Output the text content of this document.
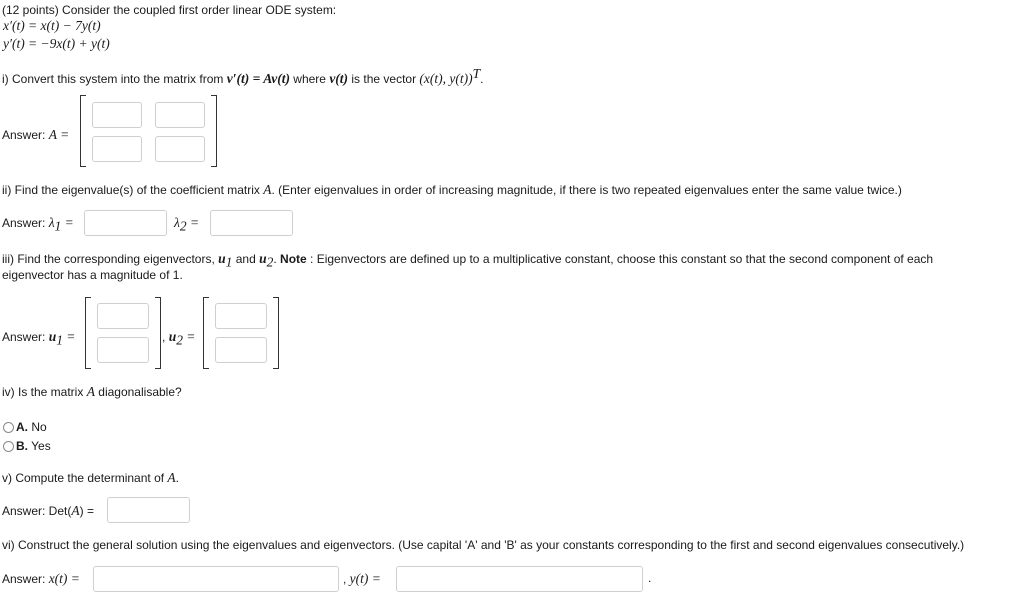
(12 points) Consider the coupled first order linear ODE system:
x′(t) = x(t) − 7y(t)
y′(t) = −9x(t) + y(t)
i) Convert this system into the matrix from v′(t) = Av(t) where v(t) is the vector (x(t), y(t))$^T$.
Answer: A =
ii) Find the eigenvalue(s) of the coefficient matrix A. (Enter eigenvalues in order of increasing magnitude, if there is two repeated eigenvalues enter the same value twice.)
Answer: $\lambda_1$ =	$\lambda_2$ =
iii) Find the corresponding eigenvectors, $u_1$ and $u_2$. Note : Eigenvectors are defined up to a multiplicative constant, choose this constant so that the second component of each
eigenvector has a magnitude of 1.
Answer: $u_1$ =	, $u_2$ =
iv) Is the matrix A diagonalisable?
A. No
B. Yes
v) Compute the determinant of A.
Answer: Det(A) =
vi) Construct the general solution using the eigenvalues and eigenvectors. (Use capital 'A' and 'B' as your constants corresponding to the first and second eigenvalues consecutively.)
Answer: x(t) =	, y(t) =	.
